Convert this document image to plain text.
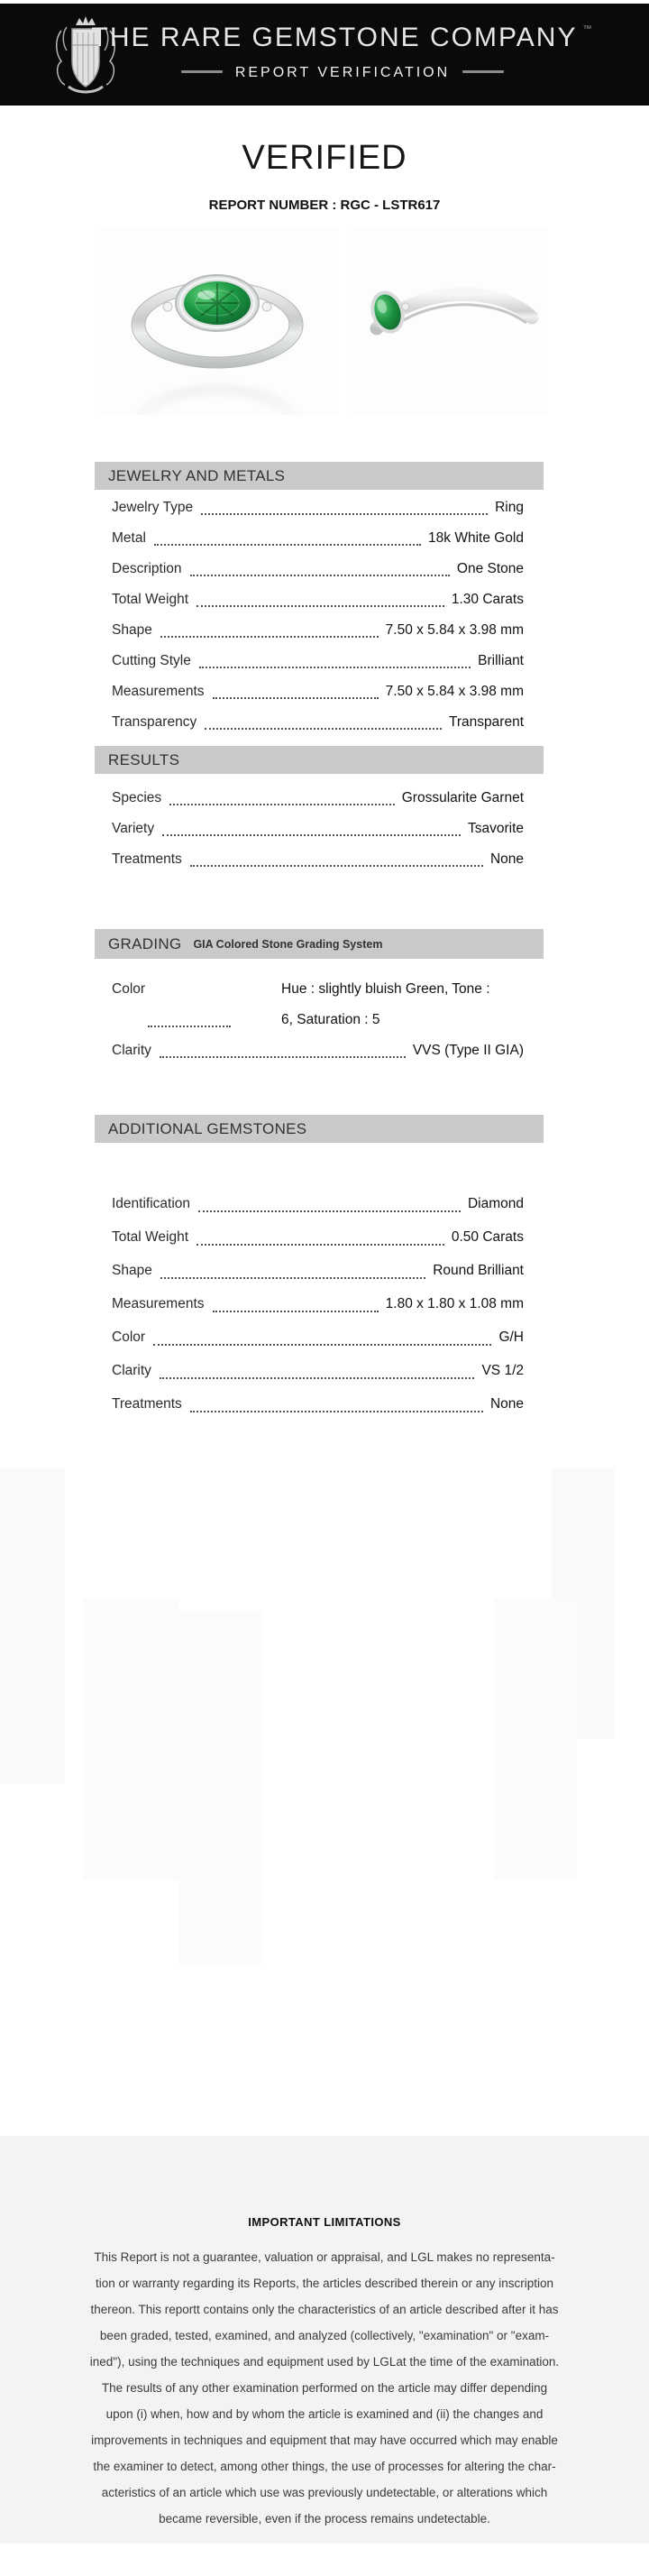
THE RARE GEMSTONE COMPANY ™
REPORT VERIFICATION
VERIFIED
REPORT NUMBER : RGC - LSTR617
JEWELRY AND METALS
Jewelry Type	Ring
Metal	18k White Gold
Description	One Stone
Total Weight	1.30 Carats
Shape	7.50 x 5.84 x 3.98 mm
Cutting Style	Brilliant
Measurements	7.50 x 5.84 x 3.98 mm
Transparency	Transparent
RESULTS
Species	Grossularite Garnet
Variety	Tsavorite
Treatments	None
GRADING GIA Colored Stone Grading System
Color	Hue : slightly bluish Green, Tone :
6, Saturation : 5
Clarity	VVS (Type II GIA)
ADDITIONAL GEMSTONES
Identification	Diamond
Total Weight	0.50 Carats
Shape	Round Brilliant
Measurements	1.80 x 1.80 x 1.08 mm
Color	G/H
Clarity	VS 1/2
Treatments	None
IMPORTANT LIMITATIONS
This Report is not a guarantee, valuation or appraisal, and LGL makes no representa-
tion or warranty regarding its Reports, the articles described therein or any inscription
thereon. This reportt contains only the characteristics of an article described after it has
been graded, tested, examined, and analyzed (collectively, "examination" or "exam-
ined"), using the techniques and equipment used by LGLat the time of the examination.
The results of any other examination performed on the article may differ depending
upon (i) when, how and by whom the article is examined and (ii) the changes and
improvements in techniques and equipment that may have occurred which may enable
the examiner to detect, among other things, the use of processes for altering the char-
acteristics of an article which use was previously undetectable, or alterations which
became reversible, even if the process remains undetectable.
